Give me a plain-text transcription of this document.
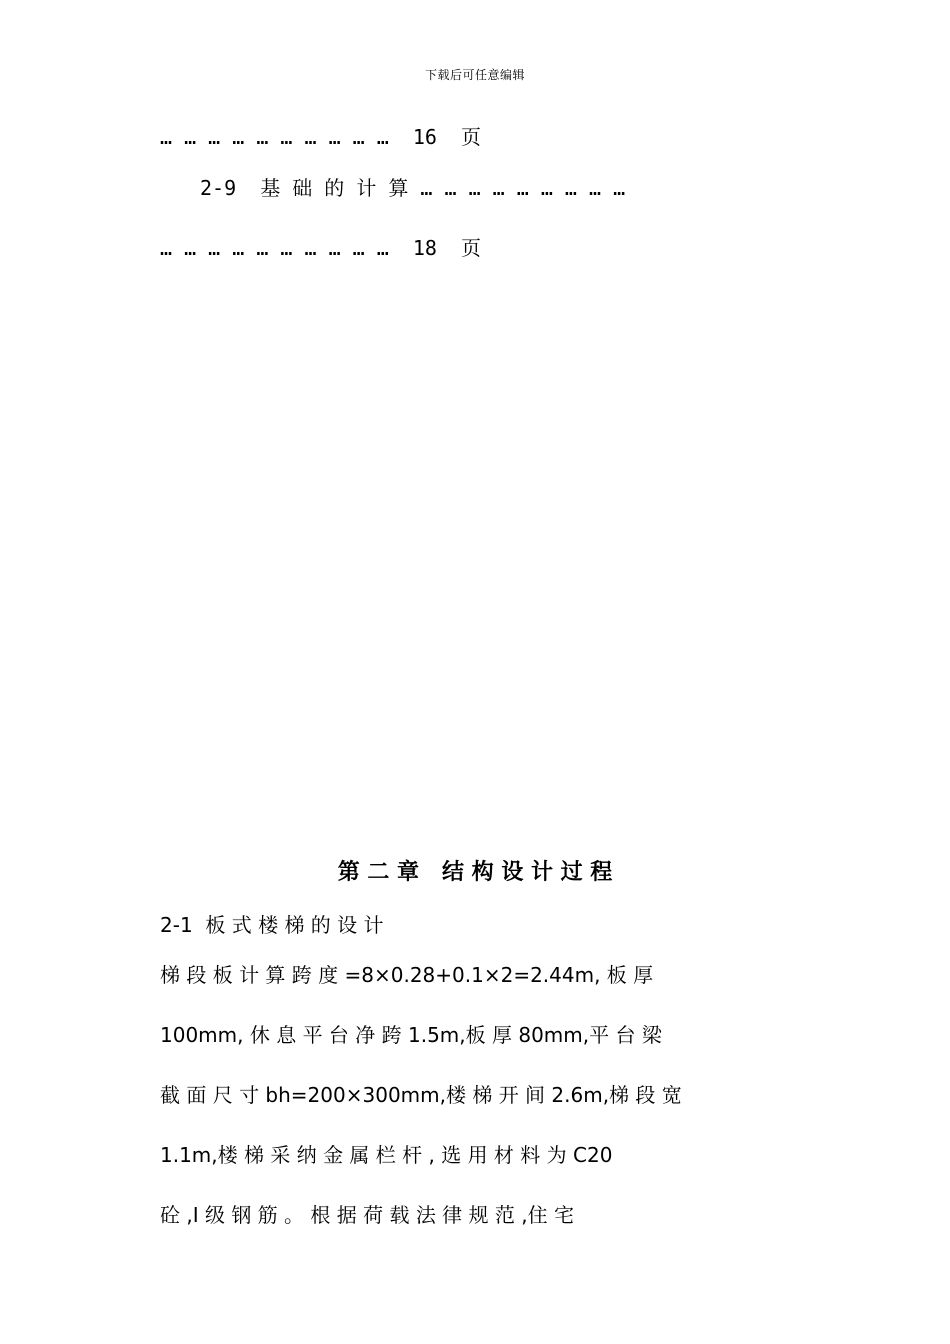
下载后可任意编辑
… … … … … … … … … …  16  页
2-9  基 础 的 计 算 … … … … … … … … …
… … … … … … … … … …  18  页
第 二 章   结 构 设 计 过 程
2-1  板 式 楼 梯 的 设 计
梯 段 板 计 算 跨 度 =8×0.28+0.1×2=2.44m, 板 厚
100mm, 休 息 平 台 净 跨 1.5m,板 厚 80mm,平 台 梁
截 面 尺 寸 bh=200×300mm,楼 梯 开 间 2.6m,梯 段 宽
1.1m,楼 梯 采 纳 金 属 栏 杆 , 选 用 材 料 为 C20
砼 ,I 级 钢 筋 。 根 据 荷 载 法 律 规 范 ,住 宅
